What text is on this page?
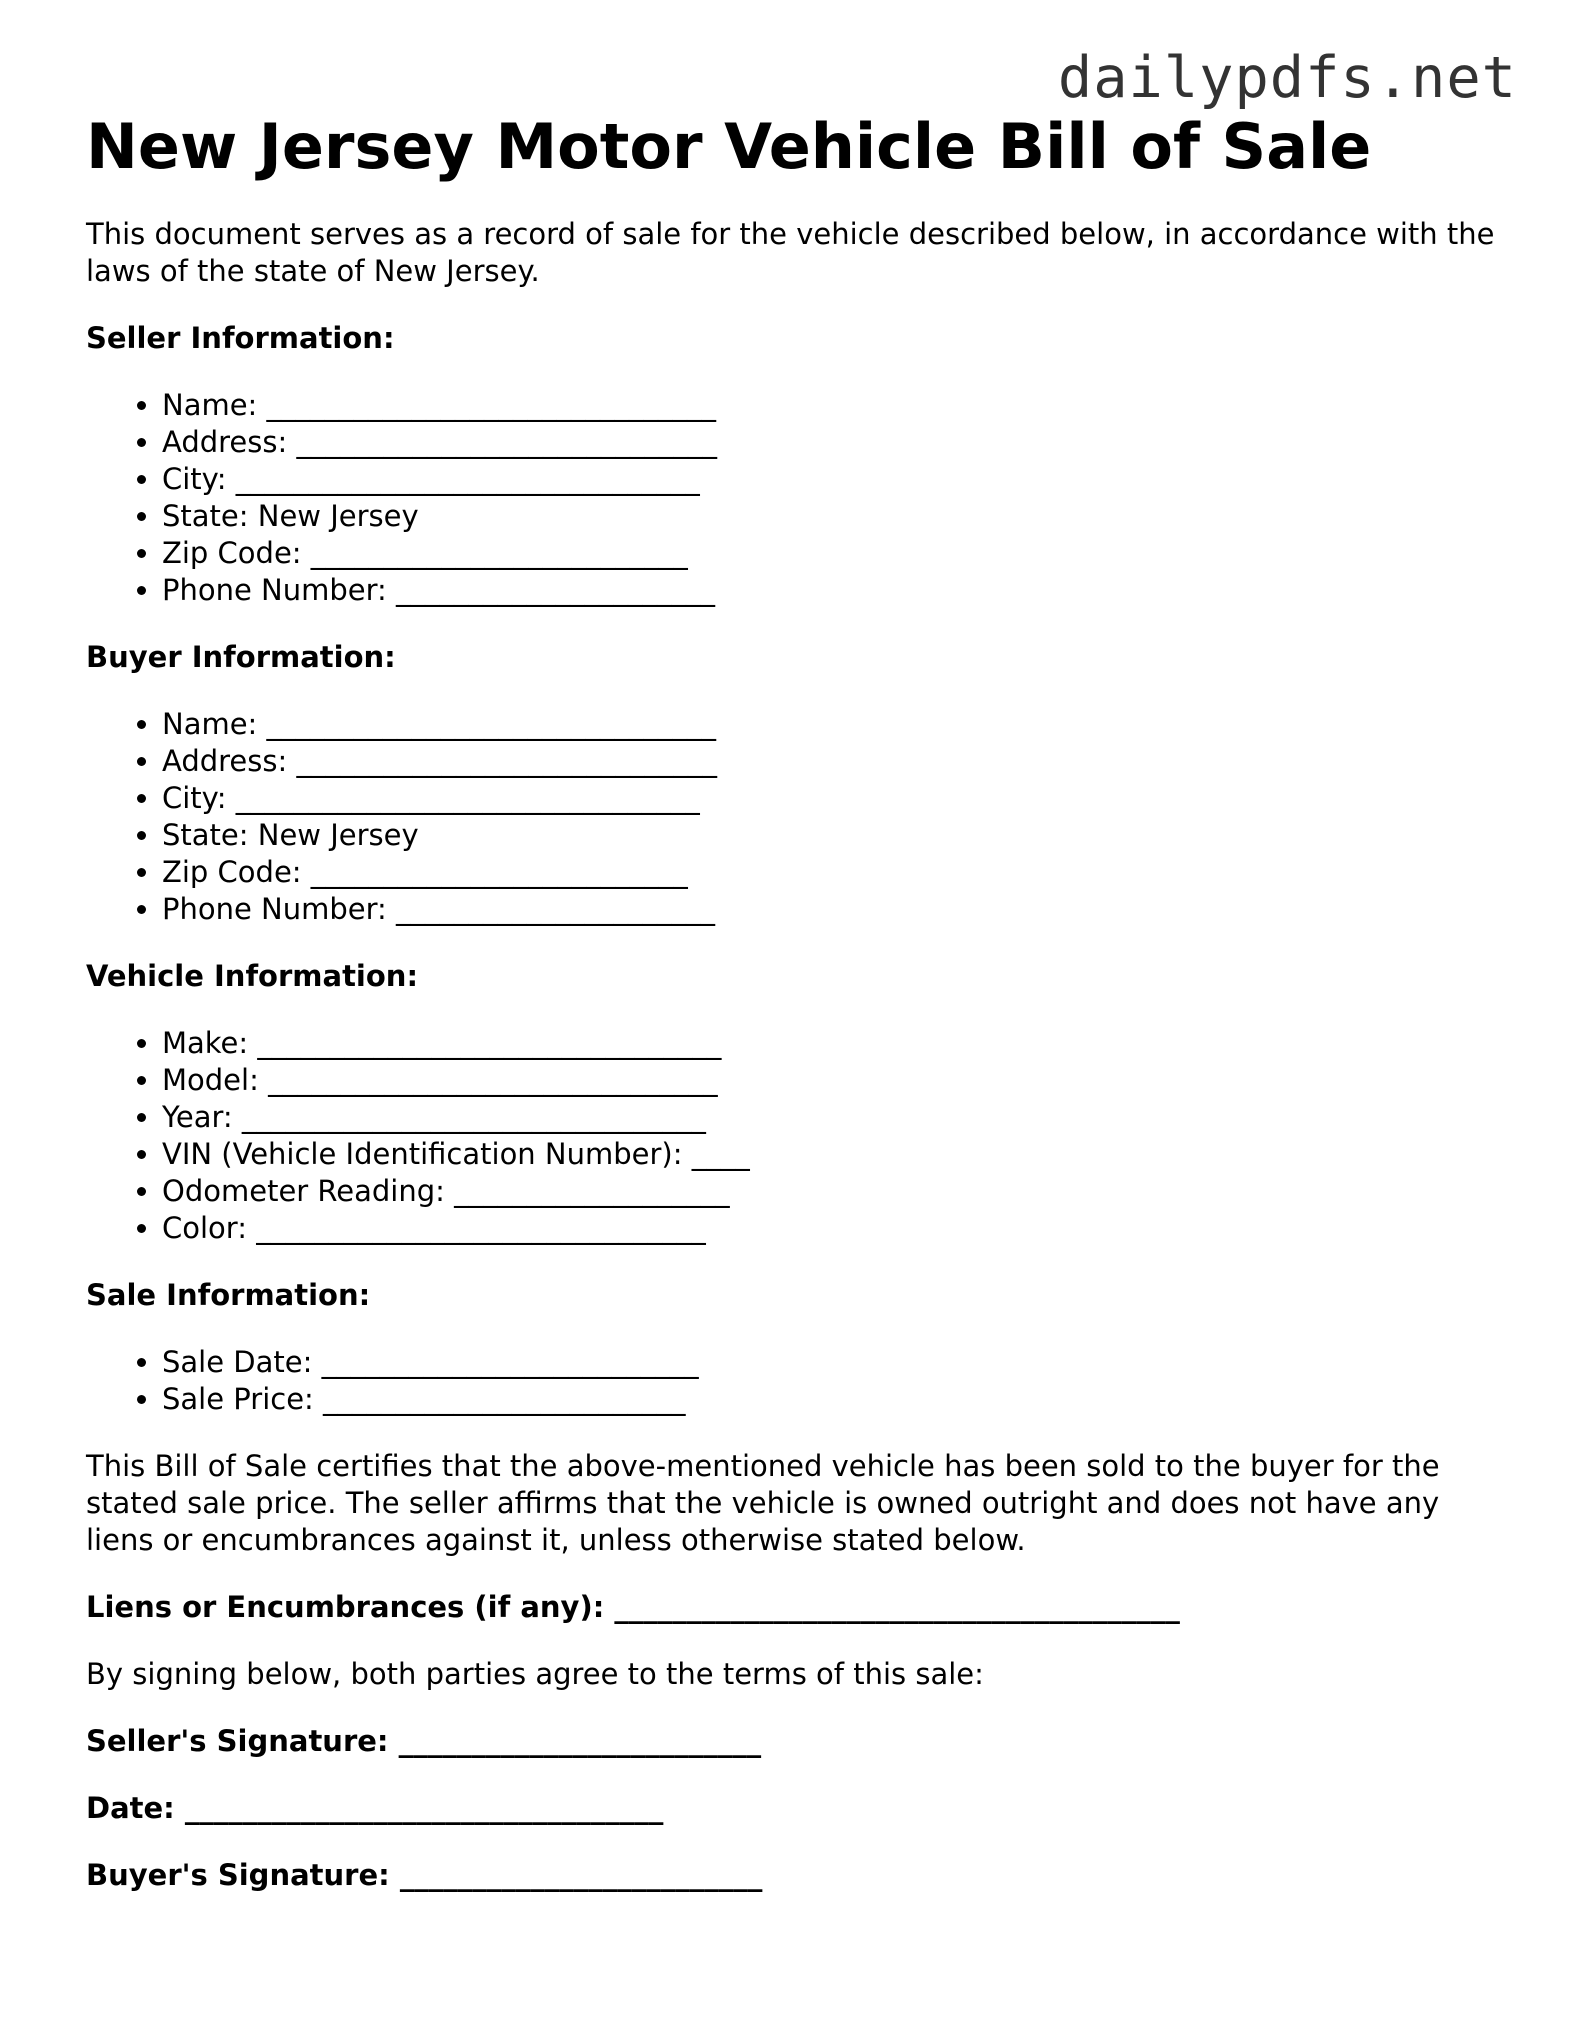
dailypdfs.net
New Jersey Motor Vehicle Bill of Sale

This document serves as a record of sale for the vehicle described below, in accordance with the laws of the state of New Jersey.

Seller Information:
• Name: _______________________________
• Address: _____________________________
• City: ________________________________
• State: New Jersey
• Zip Code: __________________________
• Phone Number: ______________________
Buyer Information:
• Name: _______________________________
• Address: _____________________________
• City: ________________________________
• State: New Jersey
• Zip Code: __________________________
• Phone Number: ______________________
Vehicle Information:
• Make: ________________________________
• Model: _______________________________
• Year: ________________________________
• VIN (Vehicle Identification Number): ____
• Odometer Reading: ___________________
• Color: _______________________________
Sale Information:
• Sale Date: __________________________
• Sale Price: _________________________

This Bill of Sale certifies that the above-mentioned vehicle has been sold to the buyer for the stated sale price. The seller affirms that the vehicle is owned outright and does not have any liens or encumbrances against it, unless otherwise stated below.

Liens or Encumbrances (if any): _______________________________________

By signing below, both parties agree to the terms of this sale:

Seller's Signature: _________________________
Date: _________________________________
Buyer's Signature: _________________________
